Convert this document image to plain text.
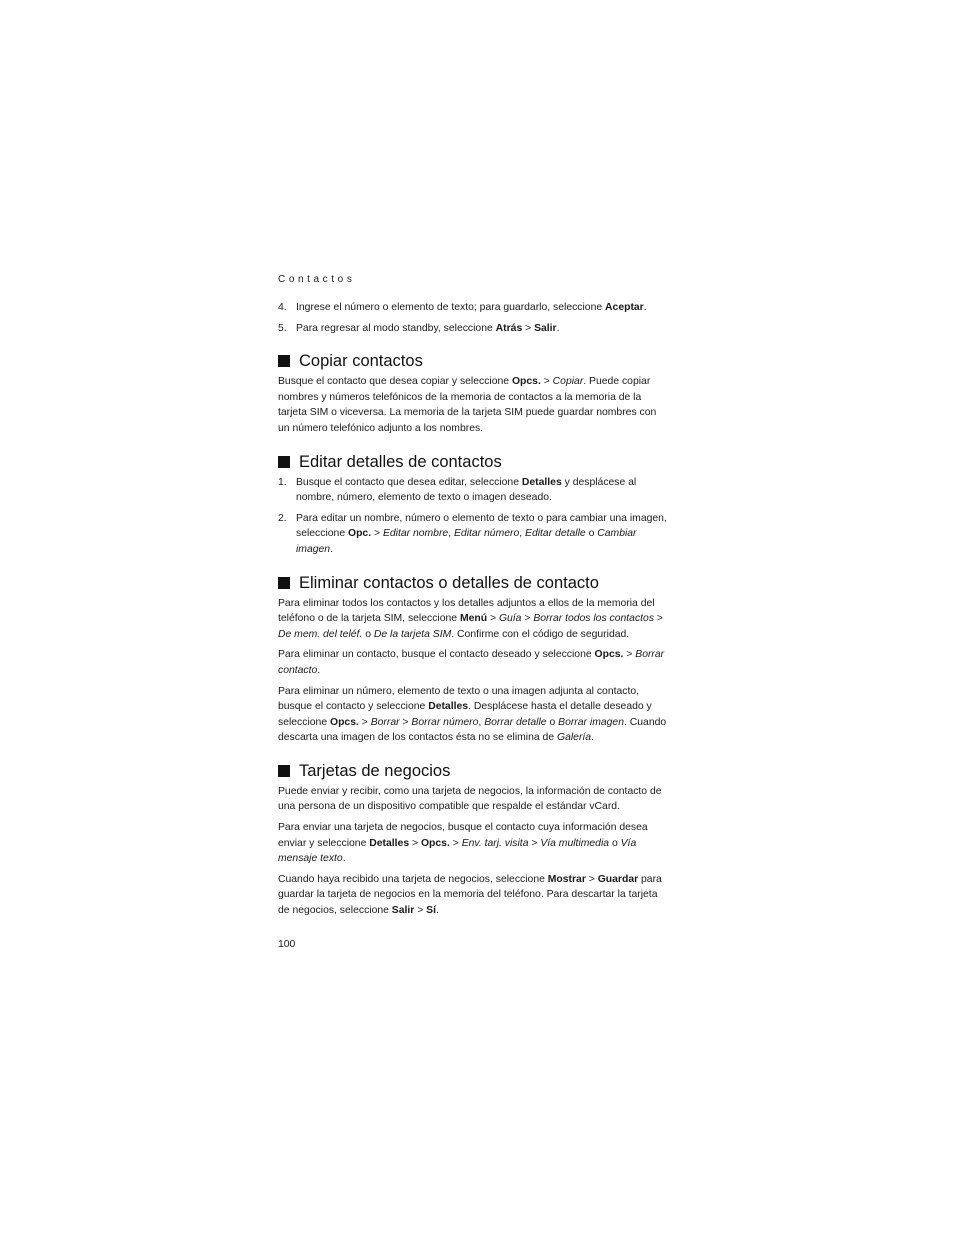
Contactos
4. Ingrese el número o elemento de texto; para guardarlo, seleccione Aceptar.
5. Para regresar al modo standby, seleccione Atrás > Salir.
Copiar contactos

Busque el contacto que desea copiar y seleccione Opcs. > Copiar. Puede copiar nombres y números telefónicos de la memoria de contactos a la memoria de la tarjeta SIM o viceversa. La memoria de la tarjeta SIM puede guardar nombres con un número telefónico adjunto a los nombres.

Editar detalles de contactos
1. Busque el contacto que desea editar, seleccione Detalles y desplácese al nombre, número, elemento de texto o imagen deseado.
2. Para editar un nombre, número o elemento de texto o para cambiar una imagen, seleccione Opc. > Editar nombre, Editar número, Editar detalle o Cambiar imagen.
Eliminar contactos o detalles de contacto

Para eliminar todos los contactos y los detalles adjuntos a ellos de la memoria del teléfono o de la tarjeta SIM, seleccione Menú > Guía > Borrar todos los contactos > De mem. del teléf. o De la tarjeta SIM. Confirme con el código de seguridad.

Para eliminar un contacto, busque el contacto deseado y seleccione Opcs. > Borrar contacto.

Para eliminar un número, elemento de texto o una imagen adjunta al contacto, busque el contacto y seleccione Detalles. Desplácese hasta el detalle deseado y seleccione Opcs. > Borrar > Borrar número, Borrar detalle o Borrar imagen. Cuando descarta una imagen de los contactos ésta no se elimina de Galería.

Tarjetas de negocios

Puede enviar y recibir, como una tarjeta de negocios, la información de contacto de una persona de un dispositivo compatible que respalde el estándar vCard.

Para enviar una tarjeta de negocios, busque el contacto cuya información desea enviar y seleccione Detalles > Opcs. > Env. tarj. visita > Vía multimedia o Vía mensaje texto.

Cuando haya recibido una tarjeta de negocios, seleccione Mostrar > Guardar para guardar la tarjeta de negocios en la memoria del teléfono. Para descartar la tarjeta de negocios, seleccione Salir > Sí.

100
